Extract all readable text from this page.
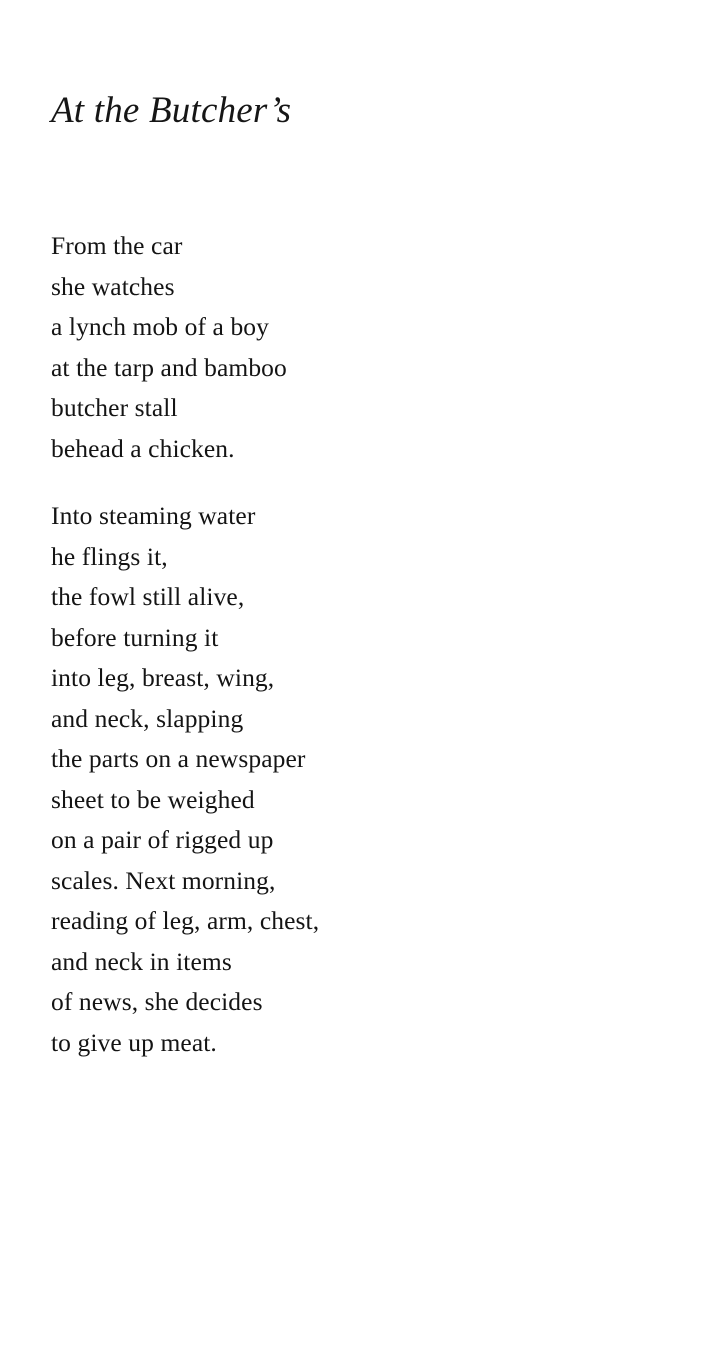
At the Butcher’s
From the car
she watches
a lynch mob of a boy
at the tarp and bamboo
butcher stall
behead a chicken.
Into steaming water
he flings it,
the fowl still alive,
before turning it
into leg, breast, wing,
and neck, slapping
the parts on a newspaper
sheet to be weighed
on a pair of rigged up
scales. Next morning,
reading of leg, arm, chest,
and neck in items
of news, she decides
to give up meat.
